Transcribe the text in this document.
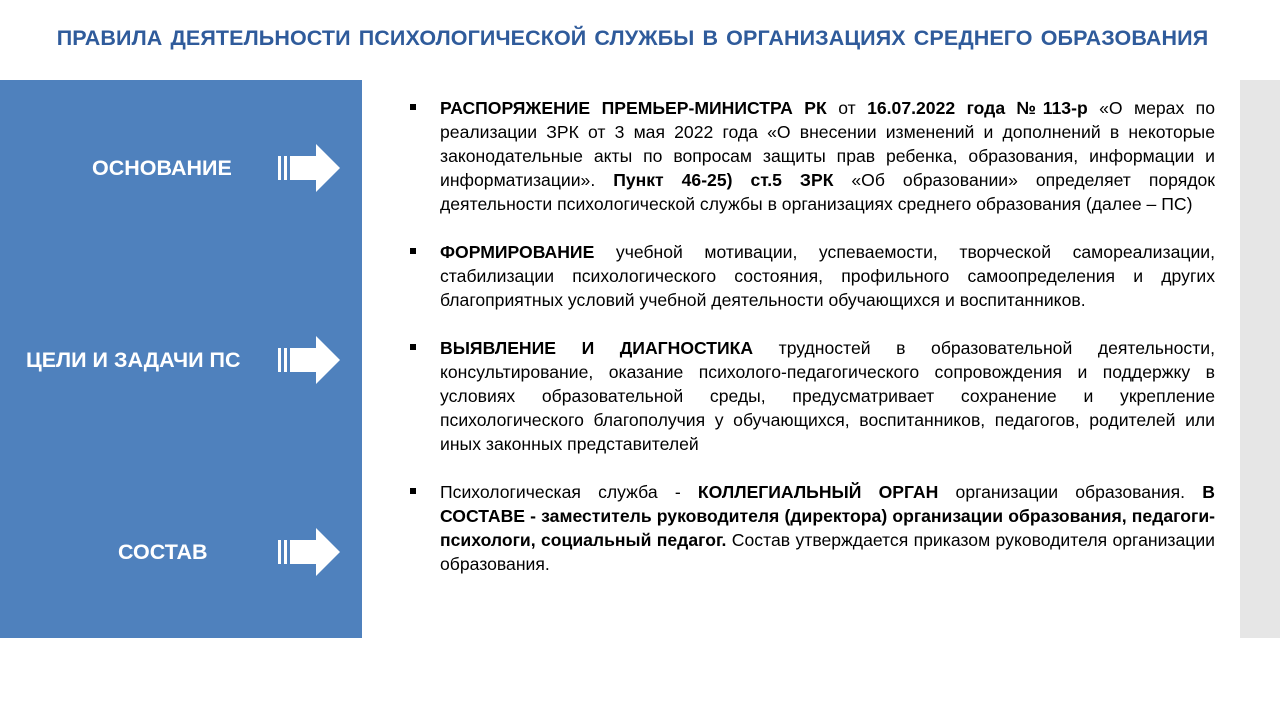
ПРАВИЛА ДЕЯТЕЛЬНОСТИ ПСИХОЛОГИЧЕСКОЙ СЛУЖБЫ В ОРГАНИЗАЦИЯХ СРЕДНЕГО ОБРАЗОВАНИЯ
ОСНОВАНИЕ
ЦЕЛИ И ЗАДАЧИ ПС
СОСТАВ
РАСПОРЯЖЕНИЕ ПРЕМЬЕР-МИНИСТРА РК от 16.07.2022 года №113-р «О мерах по реализации ЗРК от 3 мая 2022 года «О внесении изменений и дополнений в некоторые законодательные акты по вопросам защиты прав ребенка, образования, информации и информатизации». Пункт 46-25) ст.5 ЗРК «Об образовании» определяет порядок деятельности психологической службы в организациях среднего образования (далее – ПС)
ФОРМИРОВАНИЕ учебной мотивации, успеваемости, творческой самореализации, стабилизации психологического состояния, профильного самоопределения и других благоприятных условий учебной деятельности обучающихся и воспитанников.
ВЫЯВЛЕНИЕ И ДИАГНОСТИКА трудностей в образовательной деятельности, консультирование, оказание психолого-педагогического сопровождения и поддержку в условиях образовательной среды, предусматривает сохранение и укрепление психологического благополучия у обучающихся, воспитанников, педагогов, родителей или иных законных представителей
Психологическая служба - КОЛЛЕГИАЛЬНЫЙ ОРГАН организации образования. В СОСТАВЕ - заместитель руководителя (директора) организации образования, педагоги-психологи, социальный педагог. Состав утверждается приказом руководителя организации образования.
